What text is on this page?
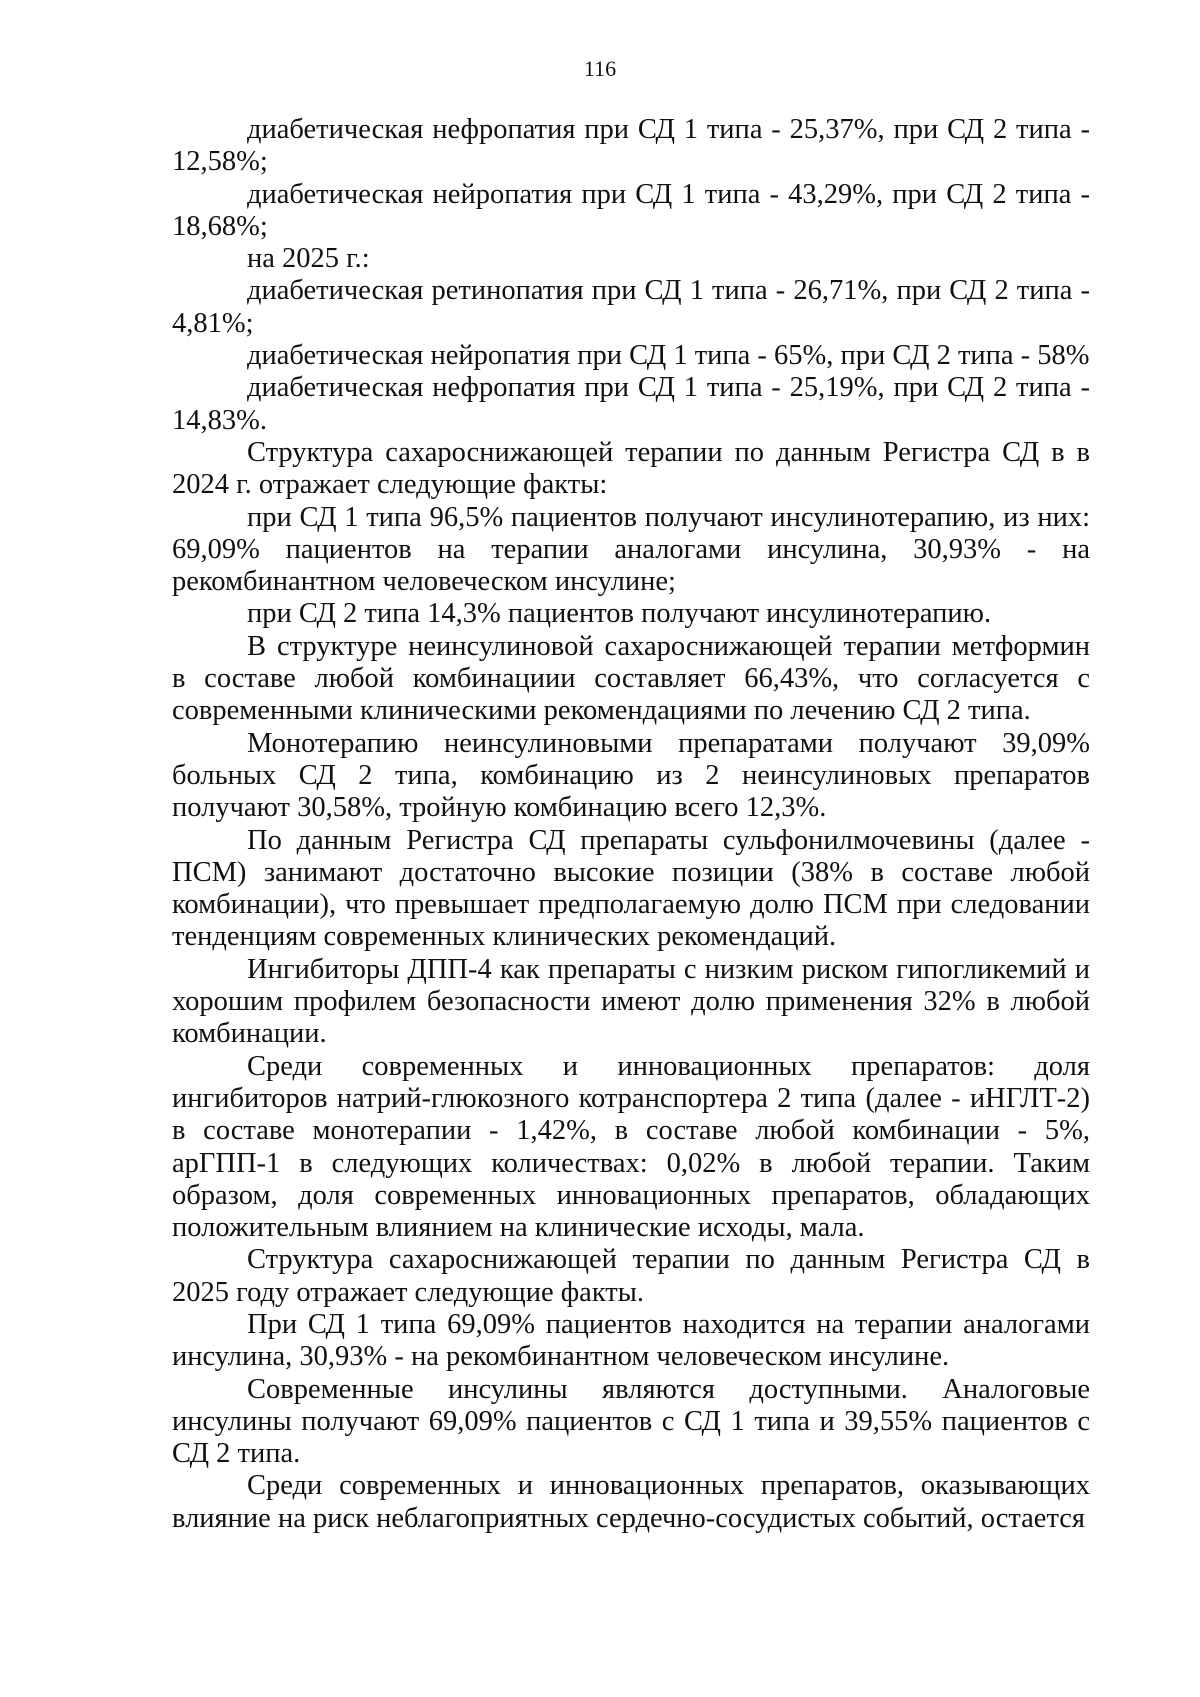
116

диабетическая нефропатия при СД 1 типа - 25,37%, при СД 2 типа - 12,58%;

диабетическая нейропатия при СД 1 типа - 43,29%, при СД 2 типа - 18,68%;

на 2025 г.:

диабетическая ретинопатия при СД 1 типа - 26,71%, при СД 2 типа - 4,81%;

диабетическая нейропатия при СД 1 типа - 65%, при СД 2 типа - 58%

диабетическая нефропатия при СД 1 типа - 25,19%, при СД 2 типа - 14,83%.

Структура сахароснижающей терапии по данным Регистра СД в в 2024 г. отражает следующие факты:

при СД 1 типа 96,5% пациентов получают инсулинотерапию, из них: 69,09% пациентов на терапии аналогами инсулина, 30,93% - на рекомбинантном человеческом инсулине;

при СД 2 типа 14,3% пациентов получают инсулинотерапию.

В структуре неинсулиновой сахароснижающей терапии метформин в составе любой комбинациии составляет 66,43%, что согласуется с современными клиническими рекомендациями по лечению СД 2 типа.

Монотерапию неинсулиновыми препаратами получают 39,09% больных СД 2 типа, комбинацию из 2 неинсулиновых препаратов получают 30,58%, тройную комбинацию всего 12,3%.

По данным Регистра СД препараты сульфонилмочевины (далее - ПСМ) занимают достаточно высокие позиции (38% в составе любой комбинации), что превышает предполагаемую долю ПСМ при следовании тенденциям современных клинических рекомендаций.

Ингибиторы ДПП-4 как препараты с низким риском гипогликемий и хорошим профилем безопасности имеют долю применения 32% в любой комбинации.

Среди современных и инновационных препаратов: доля ингибиторов натрий-глюкозного котранспортера 2 типа (далее - иНГЛТ-2) в составе монотерапии - 1,42%, в составе любой комбинации - 5%, арГПП-1 в следующих количествах: 0,02% в любой терапии. Таким образом, доля современных инновационных препаратов, обладающих положительным влиянием на клинические исходы, мала.

Структура сахароснижающей терапии по данным Регистра СД в 2025 году отражает следующие факты.

При СД 1 типа 69,09% пациентов находится на терапии аналогами инсулина, 30,93% - на рекомбинантном человеческом инсулине.

Современные инсулины являются доступными. Аналоговые инсулины получают 69,09% пациентов с СД 1 типа и 39,55% пациентов с СД 2 типа.

Среди современных и инновационных препаратов, оказывающих влияние на риск неблагоприятных сердечно-сосудистых событий, остается
